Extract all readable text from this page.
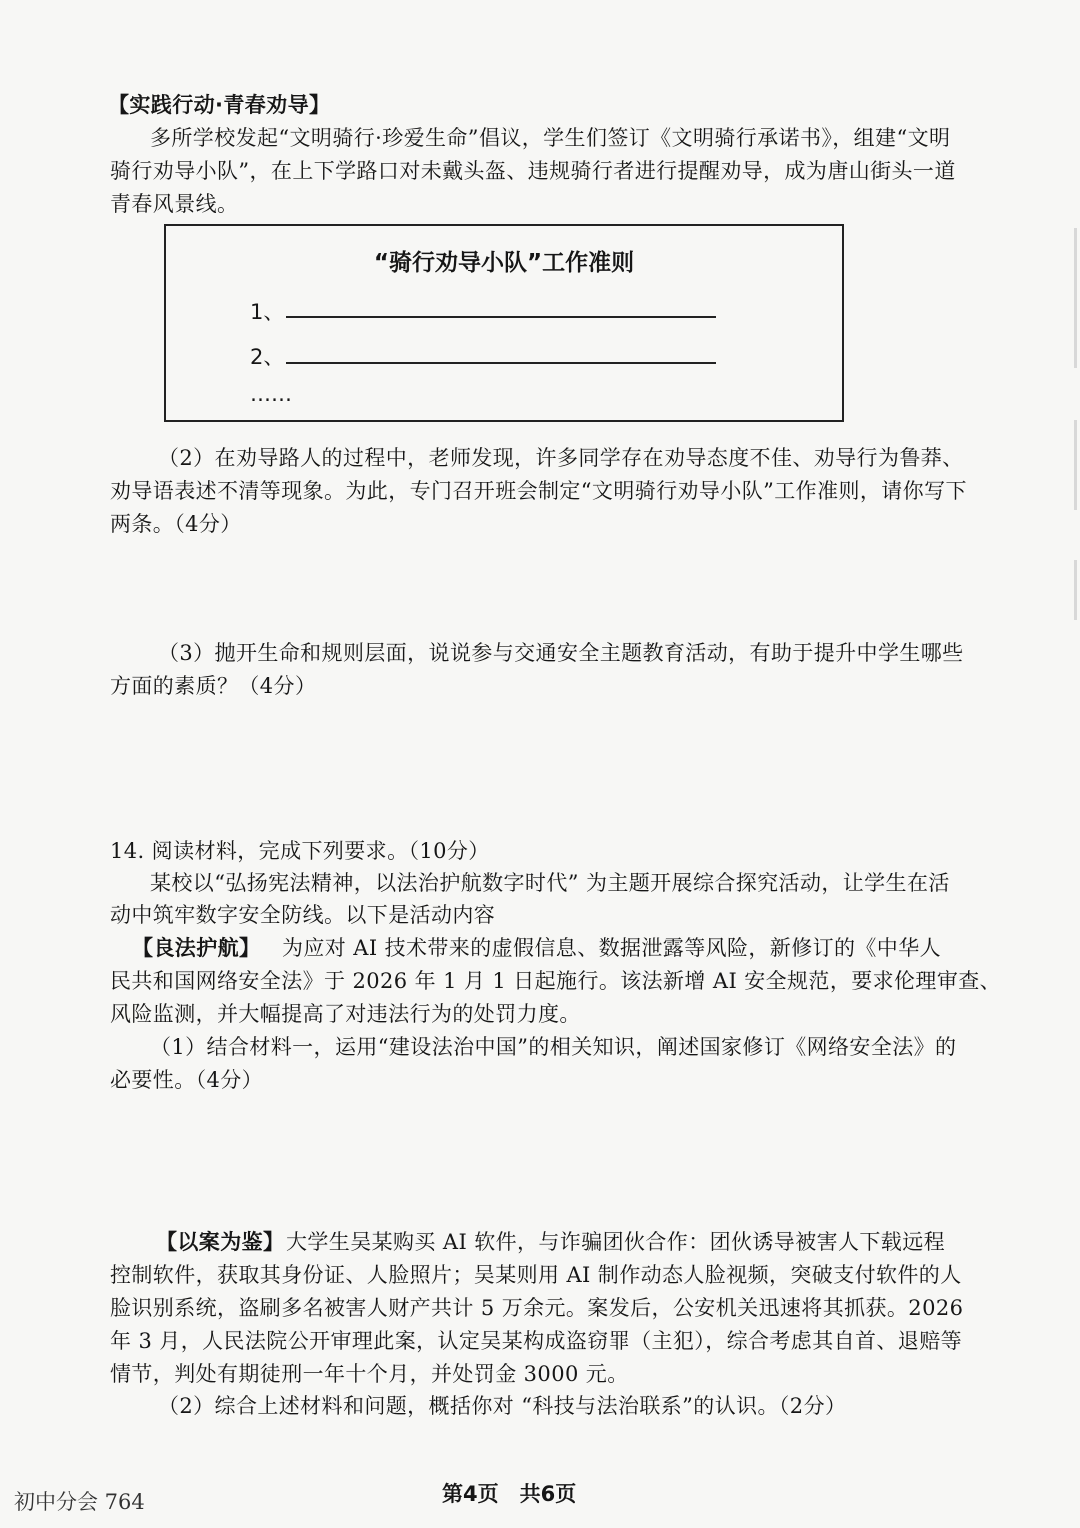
【实践行动·青春劝导】
多所学校发起“文明骑行·珍爱生命”倡议，学生们签订《文明骑行承诺书》，组建“文明
骑行劝导小队”，在上下学路口对未戴头盔、违规骑行者进行提醒劝导，成为唐山街头一道
青春风景线。
“骑行劝导小队”工作准则
1、
2、
……
（2）在劝导路人的过程中，老师发现，许多同学存在劝导态度不佳、劝导行为鲁莽、
劝导语表述不清等现象。为此，专门召开班会制定“文明骑行劝导小队”工作准则，请你写下
两条。（4分）
（3）抛开生命和规则层面，说说参与交通安全主题教育活动，有助于提升中学生哪些
方面的素质？（4分）
14. 阅读材料，完成下列要求。（10分）
某校以“弘扬宪法精神，以法治护航数字时代” 为主题开展综合探究活动，让学生在活
动中筑牢数字安全防线。以下是活动内容
【良法护航】 为应对 AI 技术带来的虚假信息、数据泄露等风险，新修订的《中华人
民共和国网络安全法》于 2026 年 1 月 1 日起施行。该法新增 AI 安全规范，要求伦理审查、
风险监测，并大幅提高了对违法行为的处罚力度。
（1）结合材料一，运用“建设法治中国”的相关知识，阐述国家修订《网络安全法》的
必要性。（4分）
【以案为鉴】 大学生吴某购买 AI 软件，与诈骗团伙合作：团伙诱导被害人下载远程
控制软件，获取其身份证、人脸照片；吴某则用 AI 制作动态人脸视频，突破支付软件的人
脸识别系统，盗刷多名被害人财产共计 5 万余元。案发后，公安机关迅速将其抓获。2026
年 3 月，人民法院公开审理此案，认定吴某构成盗窃罪（主犯），综合考虑其自首、退赔等
情节，判处有期徒刑一年十个月，并处罚金 3000 元。
（2）综合上述材料和问题，概括你对 “科技与法治联系”的认识。（2分）
第4页　共6页
初中分会 764
